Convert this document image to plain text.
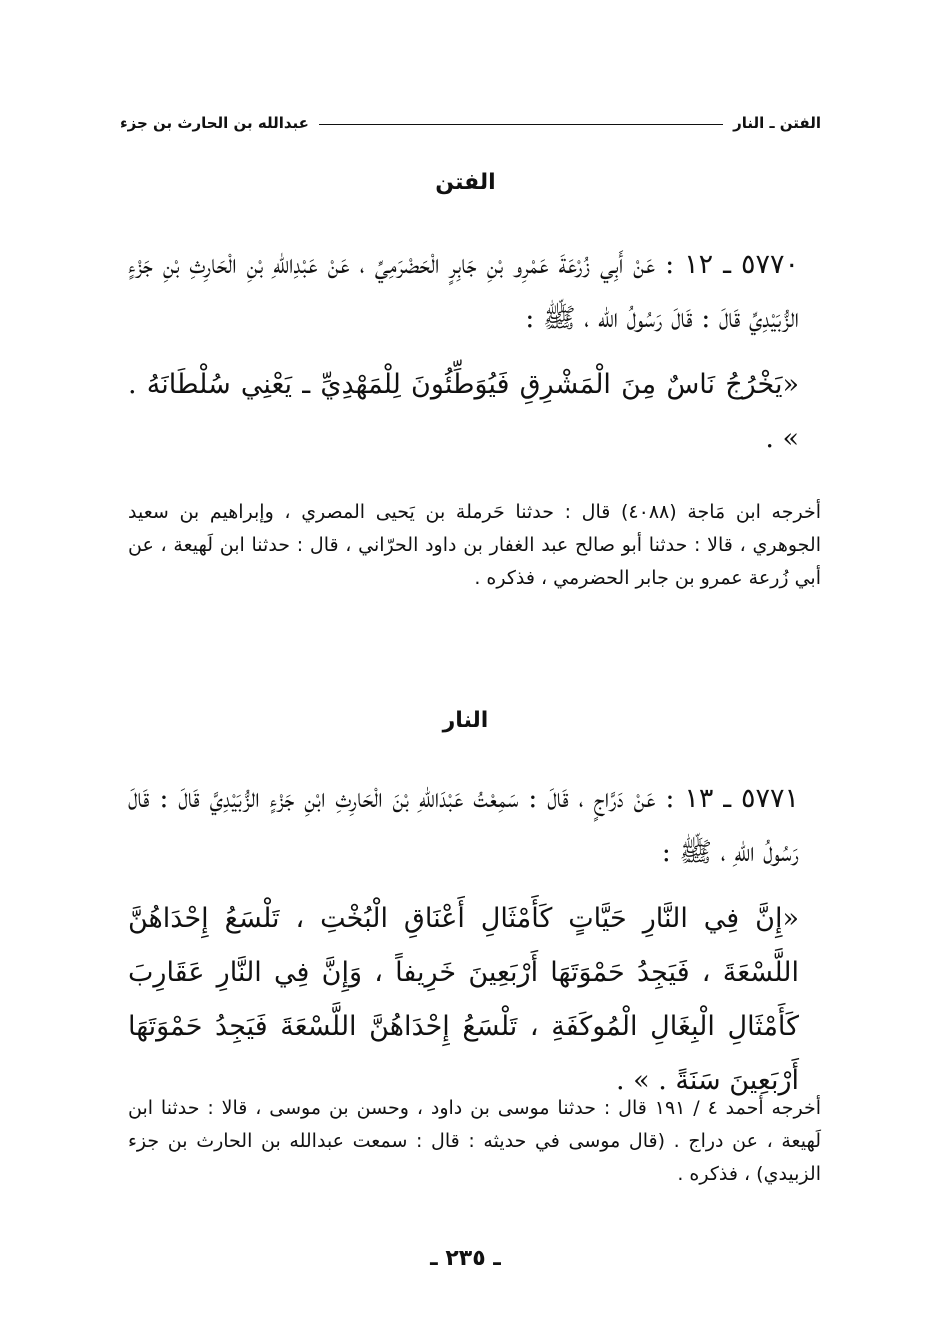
الفتن ـ النار
عبدالله بن الحارث بن جزء
الفتن
٥٧٧٠ ـ ١٢ : عَنْ أَبِي زُرْعَةَ عَمْرِو بْنِ جَابِرٍ الْحَضْرَمِيِّ ، عَنْ عَبْدِاللّهِ بْنِ الْحَارِثِ بْنِ جَزْءٍ الزُّبَيْدِيِّ قَالَ : قَالَ رَسُولُ اللّه ، ﷺ :
«يَخْرُجُ نَاسٌ مِنَ الْمَشْرِقِ فَيُوَطِّئُونَ لِلْمَهْدِيِّ ـ يَعْنِي سُلْطَانَهُ . » .
أخرجه ابن مَاجة (٤٠٨٨) قال : حدثنا حَرملة بن يَحيى المصري ، وإبراهيم بن سعيد الجوهري ، قالا : حدثنا أبو صالح عبد الغفار بن داود الحرّاني ، قال : حدثنا ابن لَهيعة ، عن أبي زُرعة عمرو بن جابر الحضرمي ، فذكره .
النار
٥٧٧١ ـ ١٣ : عَنْ دَرَّاجٍ ، قَالَ : سَمِعْتُ عَبْدَاللّهِ بْنَ الْحَارِثِ ابْنِ جَزْءٍ الزُّبَيْدِيَّ قَالَ : قَالَ رَسُولُ اللّهِ ، ﷺ :
«إِنَّ فِي النَّارِ حَيَّاتٍ كَأَمْثَالِ أَعْنَاقِ الْبُخْتِ ، تَلْسَعُ إِحْدَاهُنَّ اللَّسْعَةَ ، فَيَجِدُ حَمْوَتَهَا أَرْبَعِينَ خَرِيفاً ، وَإِنَّ فِي النَّارِ عَقَارِبَ كَأَمْثَالِ الْبِغَالِ الْمُوكَفَةِ ، تَلْسَعُ إِحْدَاهُنَّ اللَّسْعَةَ فَيَجِدُ حَمْوَتَهَا أَرْبَعِينَ سَنَةً . » .
أخرجه أحمد ٤ / ١٩١ قال : حدثنا موسى بن داود ، وحسن بن موسى ، قالا : حدثنا ابن لَهيعة ، عن دراج . (قال موسى في حديثه : قال : سمعت عبدالله بن الحارث بن جزء الزبيدي) ، فذكره .
ـ ٢٣٥ ـ
